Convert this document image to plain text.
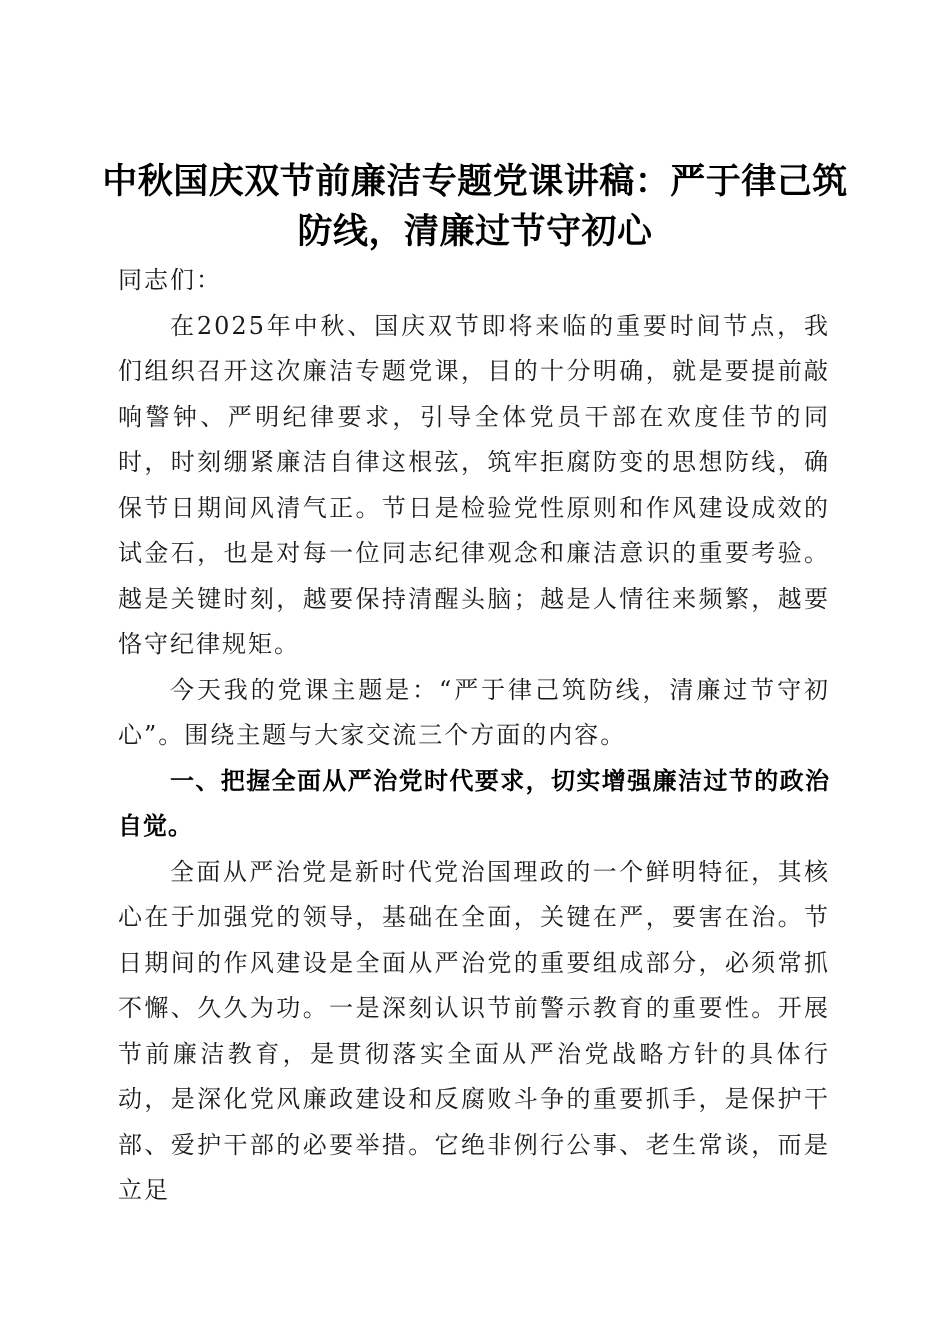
中秋国庆双节前廉洁专题党课讲稿：严于律己筑防线，清廉过节守初心

同志们：

在2025年中秋、国庆双节即将来临的重要时间节点，我们组织召开这次廉洁专题党课，目的十分明确，就是要提前敲响警钟、严明纪律要求，引导全体党员干部在欢度佳节的同时，时刻绷紧廉洁自律这根弦，筑牢拒腐防变的思想防线，确保节日期间风清气正。节日是检验党性原则和作风建设成效的试金石，也是对每一位同志纪律观念和廉洁意识的重要考验。越是关键时刻，越要保持清醒头脑；越是人情往来频繁，越要恪守纪律规矩。

今天我的党课主题是：“严于律己筑防线，清廉过节守初心”。围绕主题与大家交流三个方面的内容。

一、把握全面从严治党时代要求，切实增强廉洁过节的政治自觉。

全面从严治党是新时代党治国理政的一个鲜明特征，其核心在于加强党的领导，基础在全面，关键在严，要害在治。节日期间的作风建设是全面从严治党的重要组成部分，必须常抓不懈、久久为功。一是深刻认识节前警示教育的重要性。开展节前廉洁教育，是贯彻落实全面从严治党战略方针的具体行动，是深化党风廉政建设和反腐败斗争的重要抓手，是保护干部、爱护干部的必要举措。它绝非例行公事、老生常谈，而是立足
